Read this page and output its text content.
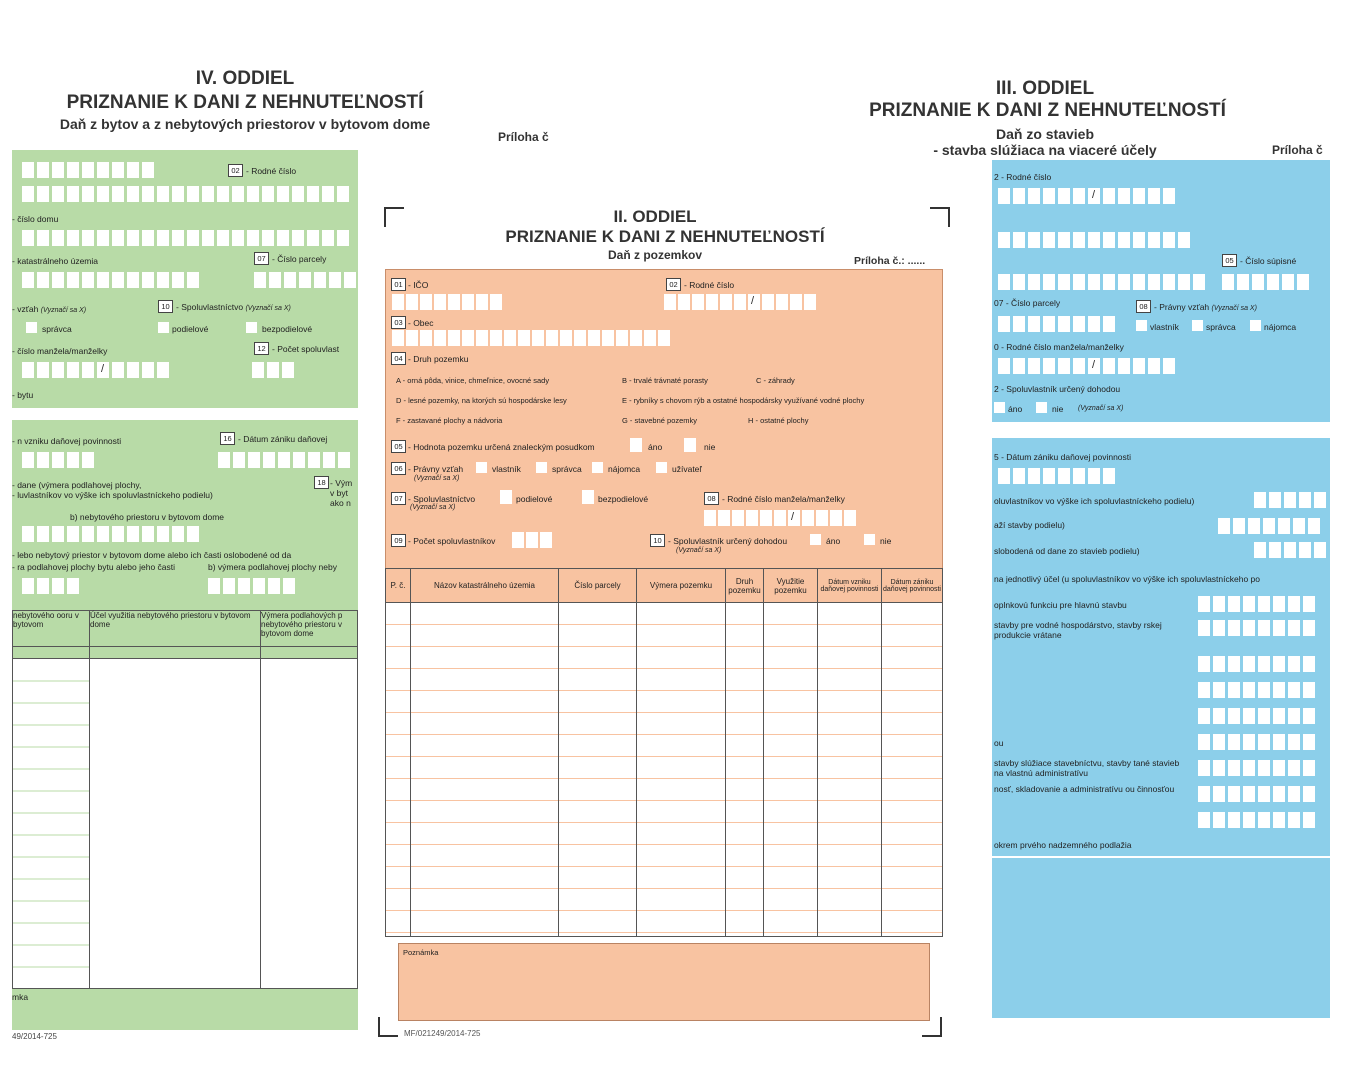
IV. ODDIEL
PRIZNANIE K DANI Z NEHNUTEĽNOSTÍ
Daň z bytov a z nebytových priestorov v bytovom dome
Príloha č
02 - Rodné číslo
- číslo domu
- katastrálneho územia	07 - Číslo parcely
- vzťah (Vyznačí sa X)	10 - Spoluvlastníctvo (Vyznačí sa X)
správca	podielové	bezpodielové
- číslo manžela/manželky	12 - Počet spoluvlast
/
- bytu
- n vzniku daňovej povinnosti	16 - Dátum zániku daňovej
- dane (výmera podlahovej plochy,
- luvlastníkov vo výške ich spoluvlastníckeho podielu)
18 - Vým
v byt
ako n
b) nebytového priestoru v bytovom dome
- lebo nebytový priestor v bytovom dome alebo ich časti oslobodené od da
- ra podlahovej plochy bytu alebo jeho časti	b) výmera podlahovej plochy neby
nebytového ooru v bytovom	Účel využitia nebytového priestoru v bytovom dome	Výmera podlahových p nebytového priestoru v bytovom dome

mka
49/2014-725
III. ODDIEL
PRIZNANIE K DANI Z NEHNUTEĽNOSTÍ
Daň zo stavieb
- stavba slúžiaca na viaceré účely	Príloha č
2 - Rodné číslo
/
05 - Číslo súpisné
07 - Číslo parcely	08 - Právny vzťah (Vyznačí sa X)
vlastník	správca	nájomca
0 - Rodné číslo manžela/manželky
/
2 - Spoluvlastník určený dohodou
áno	nie (Vyznačí sa X)
5 - Dátum zániku daňovej povinnosti
oluvlastníkov vo výške ich spoluvlastníckeho podielu)
aží stavby podielu)
slobodená od dane zo stavieb podielu)
na jednotlivý účel (u spoluvlastníkov vo výške ich spoluvlastníckeho po
oplnkovú funkciu pre hlavnú stavbu
stavby pre vodné hospodárstvo, stavby rskej produkcie vrátane
ou
stavby slúžiace stavebníctvu, stavby tané stavieb na vlastnú administratívu
nosť, skladovanie a administratívu ou činnosťou
okrem prvého nadzemného podlažia
II. ODDIEL
PRIZNANIE K DANI Z NEHNUTEĽNOSTÍ
Daň z pozemkov	Príloha č.: ......
01 - IČO	02 - Rodné číslo
/
03 - Obec
04 - Druh pozemku
A - orná pôda, vinice, chmeľnice, ovocné sady	B - trvalé trávnaté porasty	C - záhrady
D - lesné pozemky, na ktorých sú hospodárske lesy	E - rybníky s chovom rýb a ostatné hospodársky využívané vodné plochy
F - zastavané plochy a nádvoria	G - stavebné pozemky	H - ostatné plochy
05 - Hodnota pozemku určená znaleckým posudkom	áno	nie
06 - Právny vzťah
(Vyznačí sa X)
vlastník	správca	nájomca	užívateľ
07 - Spoluvlastníctvo
(Vyznačí sa X)
podielové	bezpodielové	08 - Rodné číslo manžela/manželky
/
09 - Počet spoluvlastníkov	10 - Spoluvlastník určený dohodou
(Vyznačí sa X)
áno	nie
P. č.	Názov katastrálneho územia	Číslo parcely	Výmera pozemku	Druh pozemku	Využitie pozemku	Dátum vzniku daňovej povinnosti	Dátum zániku daňovej povinnosti

Poznámka
MF/021249/2014-725
